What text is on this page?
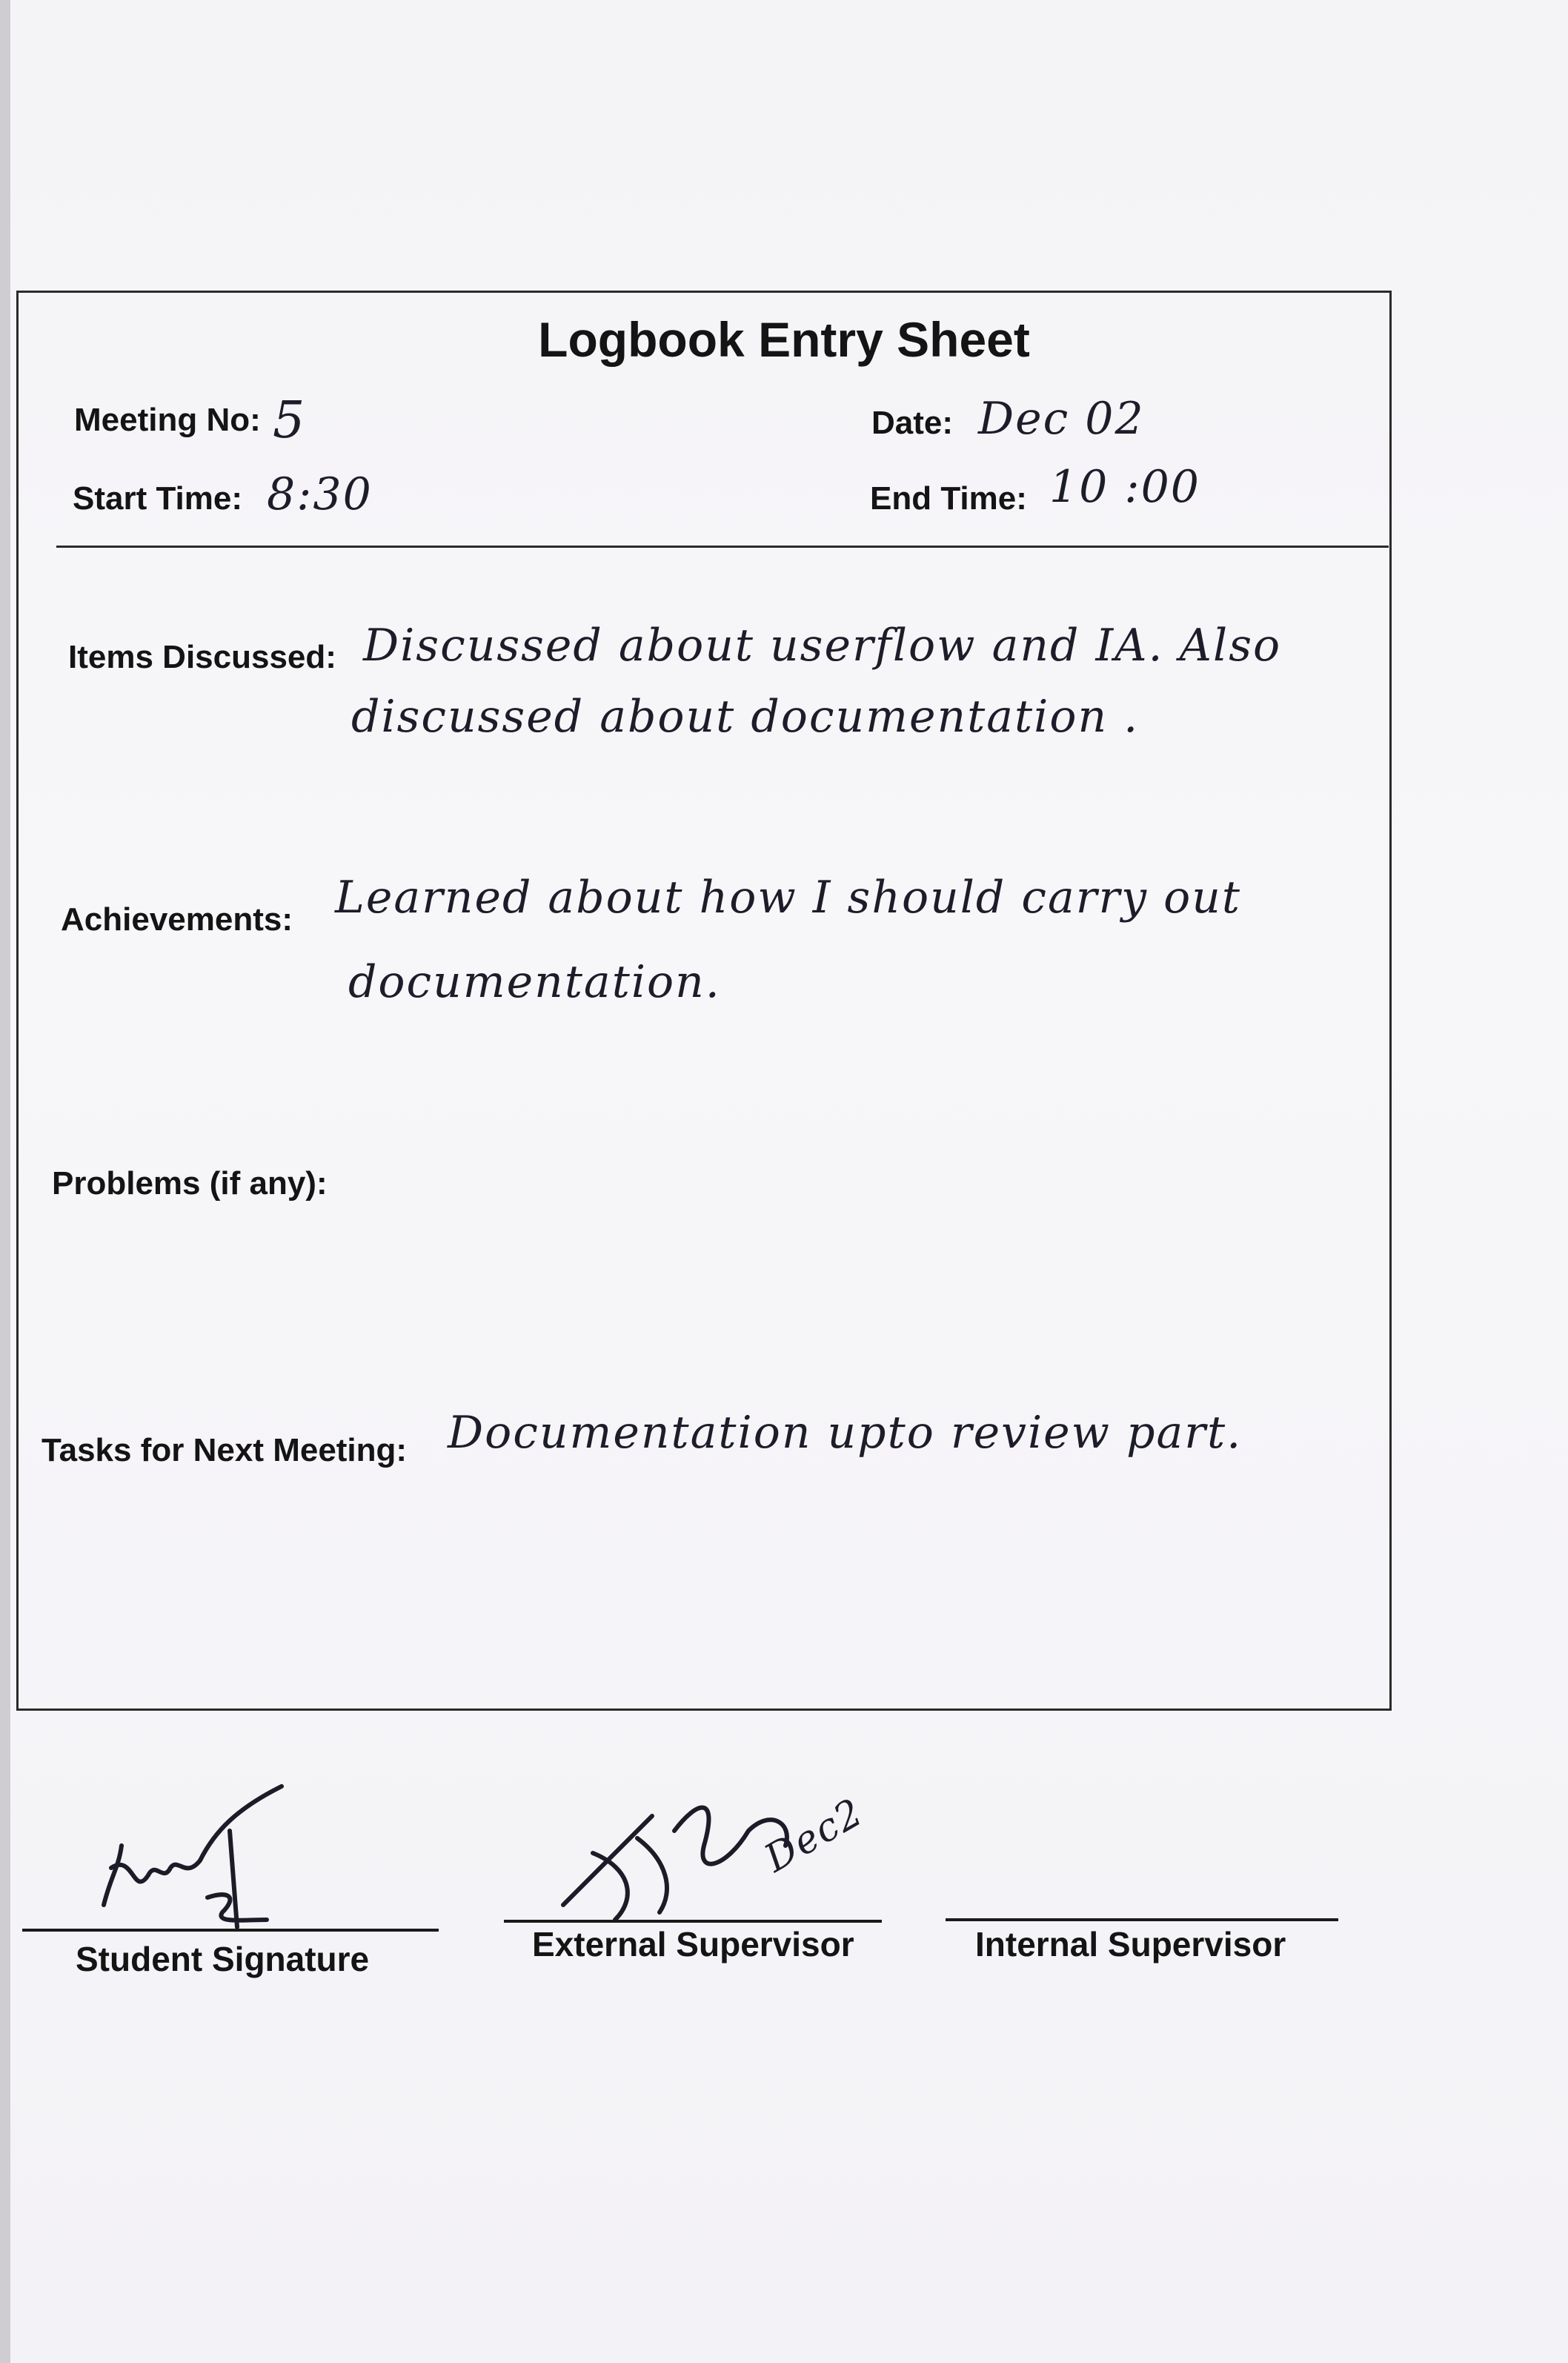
Logbook Entry Sheet
Meeting No: 5	Date: Dec 02
Start Time: 8:30	End Time: 10 :00
Items Discussed: Discussed about userflow and IA. Also
discussed about documentation .
Achievements: Learned about how I should carry out
documentation.
Problems (if any):
Tasks for Next Meeting: Documentation upto review part.
Student Signature
Dec2
External Supervisor	Internal Supervisor
